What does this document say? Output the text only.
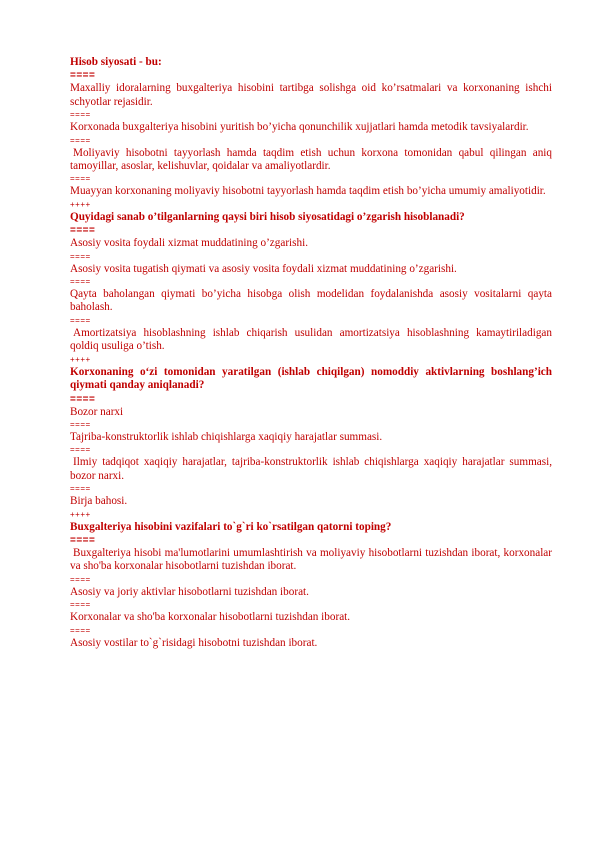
Hisob siyosati - bu:
====
Maxalliy idoralarning buxgalteriya hisobini tartibga solishga oid ko’rsatmalari va korxonaning ishchi schyotlar rejasidir.
====
Korxonada buxgalteriya hisobini yuritish bo’yicha qonunchilik xujjatlari hamda metodik tavsiyalardir.
====
Moliyaviy hisobotni tayyorlash hamda taqdim etish uchun korxona tomonidan qabul qilingan aniq tamoyillar, asoslar, kelishuvlar, qoidalar va amaliyotlardir.
====
Muayyan korxonaning moliyaviy hisobotni tayyorlash hamda taqdim etish bo’yicha umumiy amaliyotidir.
++++
Quyidagi sanab o’tilganlarning qaysi biri hisob siyosatidagi o’zgarish hisoblanadi?
====
Asosiy vosita foydali xizmat muddatining o’zgarishi.
====
Asosiy vosita tugatish qiymati va asosiy vosita foydali xizmat muddatining o’zgarishi.
====
Qayta baholangan qiymati bo’yicha hisobga olish modelidan foydalanishda asosiy vositalarni qayta baholash.
====
Amortizatsiya hisoblashning ishlab chiqarish usulidan amortizatsiya hisoblashning kamaytiriladigan qoldiq usuliga o’tish.
++++
Korxonaning o‘zi tomonidan yaratilgan (ishlab chiqilgan) nomoddiy aktivlarning boshlang’ich qiymati qanday aniqlanadi?
====
Bozor narxi
====
Tajriba-konstruktorlik ishlab chiqishlarga xaqiqiy harajatlar summasi.
====
Ilmiy tadqiqot xaqiqiy harajatlar, tajriba-konstruktorlik ishlab chiqishlarga xaqiqiy harajatlar summasi, bozor narxi.
====
Birja bahosi.
++++
Buxgalteriya hisobini vazifalari to`g`ri ko`rsatilgan qatorni toping?
====
Buxgalteriya hisobi ma'lumotlarini umumlashtirish va moliyaviy hisobotlarni tuzishdan iborat, korxonalar va sho'ba korxonalar hisobotlarni tuzishdan iborat.
====
Asosiy va joriy aktivlar hisobotlarni tuzishdan iborat.
====
Korxonalar va sho'ba korxonalar hisobotlarni tuzishdan iborat.
====
Asosiy vostilar to`g`risidagi hisobotni tuzishdan iborat.
